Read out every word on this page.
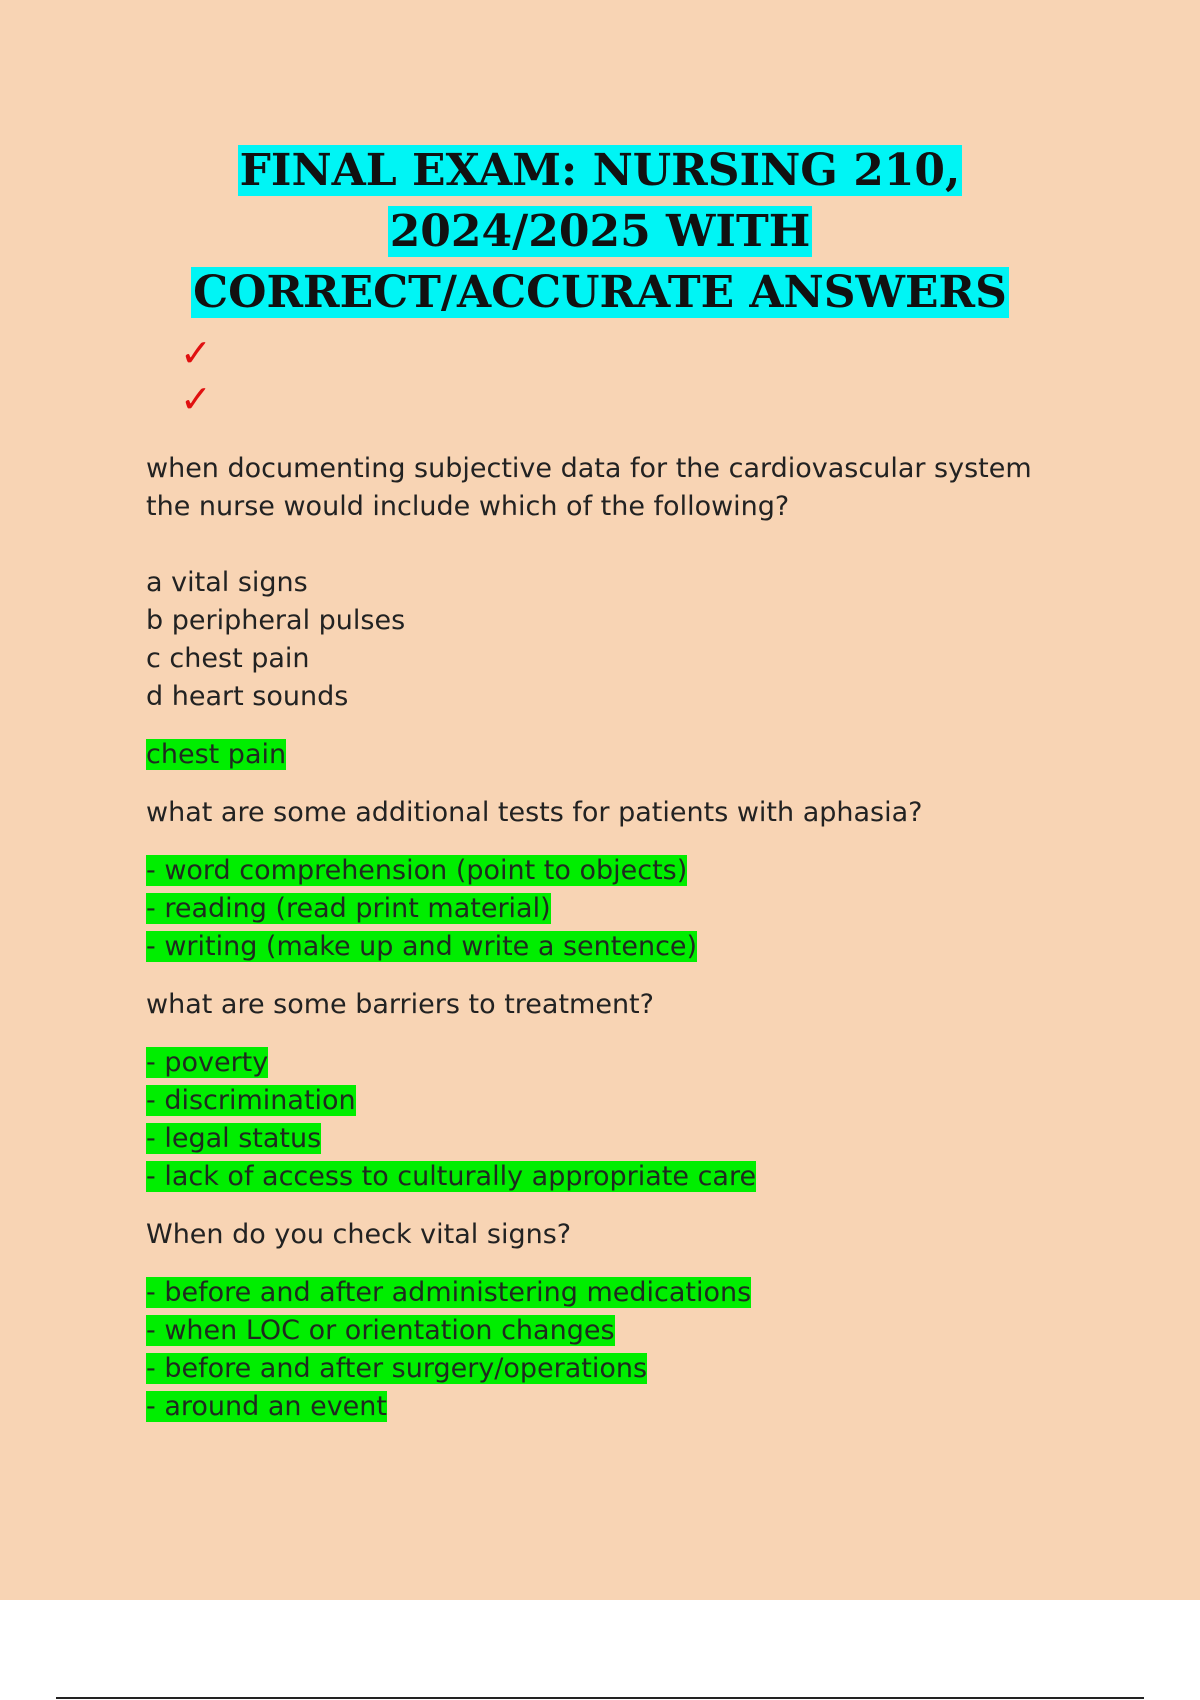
FINAL EXAM: NURSING 210,
2024/2025 WITH
CORRECT/ACCURATE ANSWERS
✓
✓
when documenting subjective data for the cardiovascular system
the nurse would include which of the following?
a vital signs
b peripheral pulses
c chest pain
d heart sounds
chest pain
what are some additional tests for patients with aphasia?
- word comprehension (point to objects)
- reading (read print material)
- writing (make up and write a sentence)
what are some barriers to treatment?
- poverty
- discrimination
- legal status
- lack of access to culturally appropriate care
When do you check vital signs?
- before and after administering medications
- when LOC or orientation changes
- before and after surgery/operations
- around an event
